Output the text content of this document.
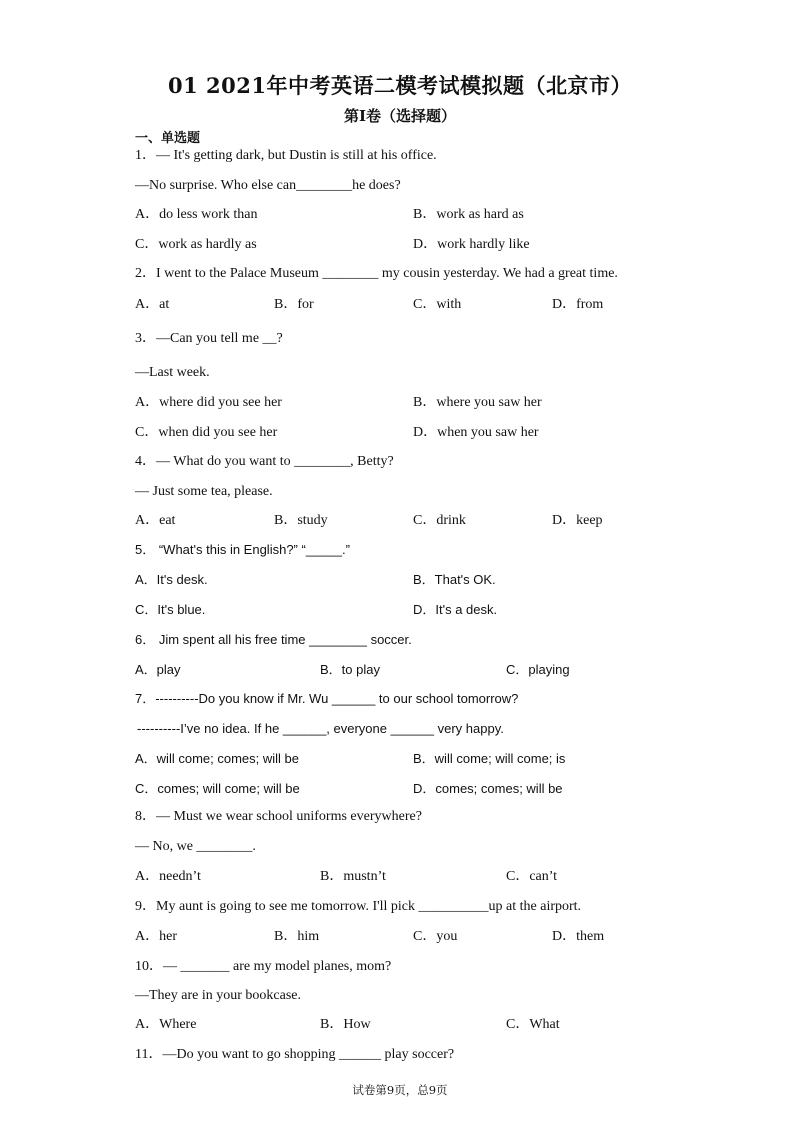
01 2021年中考英语二模考试模拟题（北京市）
第Ⅰ卷（选择题）
一、单选题
1．— It's getting dark, but Dustin is still at his office.
—No surprise. Who else can________he does?
A．do less work than	B．work as hard as
C．work as hardly as	D．work hardly like
2．I went to the Palace Museum ________ my cousin yesterday. We had a great time.
A．at	B．for	C．with	D．from
3．—Can you tell me __?
—Last week.
A．where did you see her	B．where you saw her
C．when did you see her	D．when you saw her
4．— What do you want to ________, Betty?
— Just some tea, please.
A．eat	B．study	C．drink	D．keep
5． “What's this in English?” “_____.”
A．It's desk.	B．That's OK.
C．It's blue.	D．It's a desk.
6． Jim spent all his free time ________ soccer.
A．play	B．to play	C．playing
7．----------Do you know if Mr. Wu ______ to our school tomorrow?
----------I’ve no idea. If he ______, everyone ______ very happy.
A．will come; comes; will be	B．will come; will come; is
C．comes; will come; will be	D．comes; comes; will be
8．— Must we wear school uniforms everywhere?
— No, we ________.
A．needn’t	B．mustn’t	C．can’t
9．My aunt is going to see me tomorrow. I'll pick __________up at the airport.
A．her	B．him	C．you	D．them
10．— _______ are my model planes, mom?
—They are in your bookcase.
A．Where	B．How	C．What
11．—Do you want to go shopping ______ play soccer?
试卷第9页，总9页
